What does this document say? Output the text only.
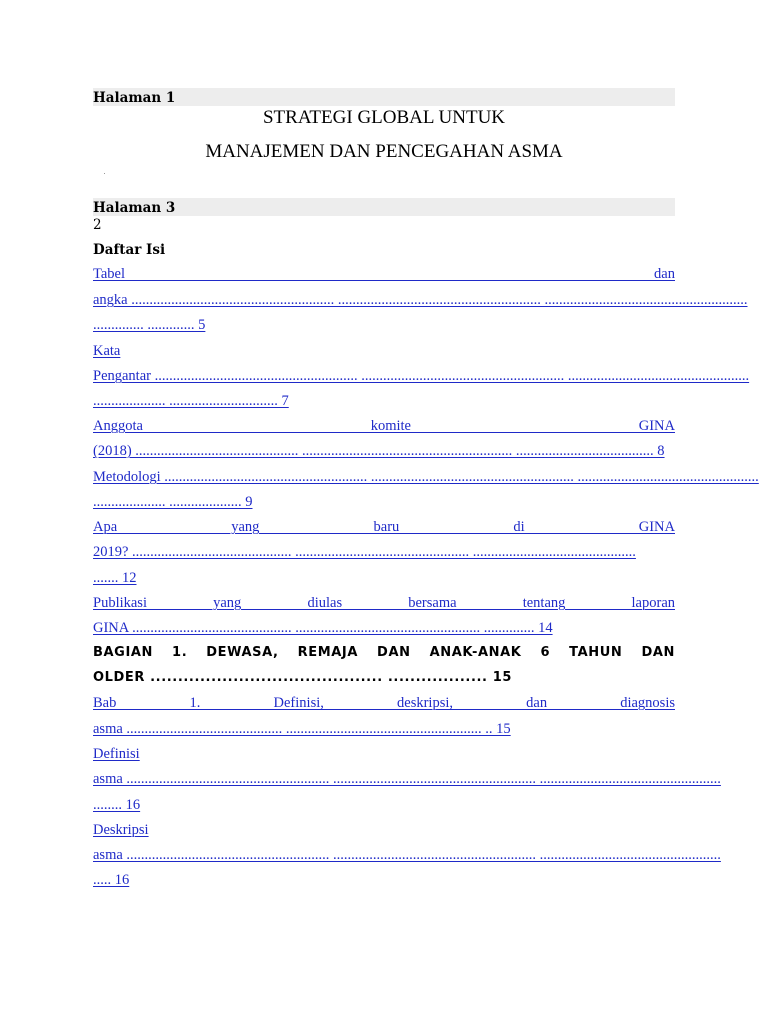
Halaman 1
STRATEGI GLOBAL UNTUK
MANAJEMEN DAN PENCEGAHAN ASMA
Halaman 3
2
Daftar Isi
Tabel dan
angka ........................................................ ........................................................ ........................................................
.............. ............. 5
Kata
Pengantar ........................................................ ........................................................ ..................................................
.................... .............................. 7
Anggota komite GINA
(2018) ............................................. .......................................................... ...................................... 8
Metodologi ........................................................ ........................................................ ..................................................
.................... .................... 9
Apa yang baru di GINA
2019? ............................................ ................................................ .............................................
....... 12
Publikasi yang diulas bersama tentang laporan
GINA ............................................ ................................................... .............. 14
BAGIAN 1. DEWASA, REMAJA DAN ANAK-ANAK 6 TAHUN DAN
OLDER .......................................... .................. 15
Bab 1. Definisi, deskripsi, dan diagnosis
asma ........................................... ...................................................... .. 15
Definisi
asma ........................................................ ........................................................ ..................................................
........ 16
Deskripsi
asma ........................................................ ........................................................ ..................................................
..... 16
